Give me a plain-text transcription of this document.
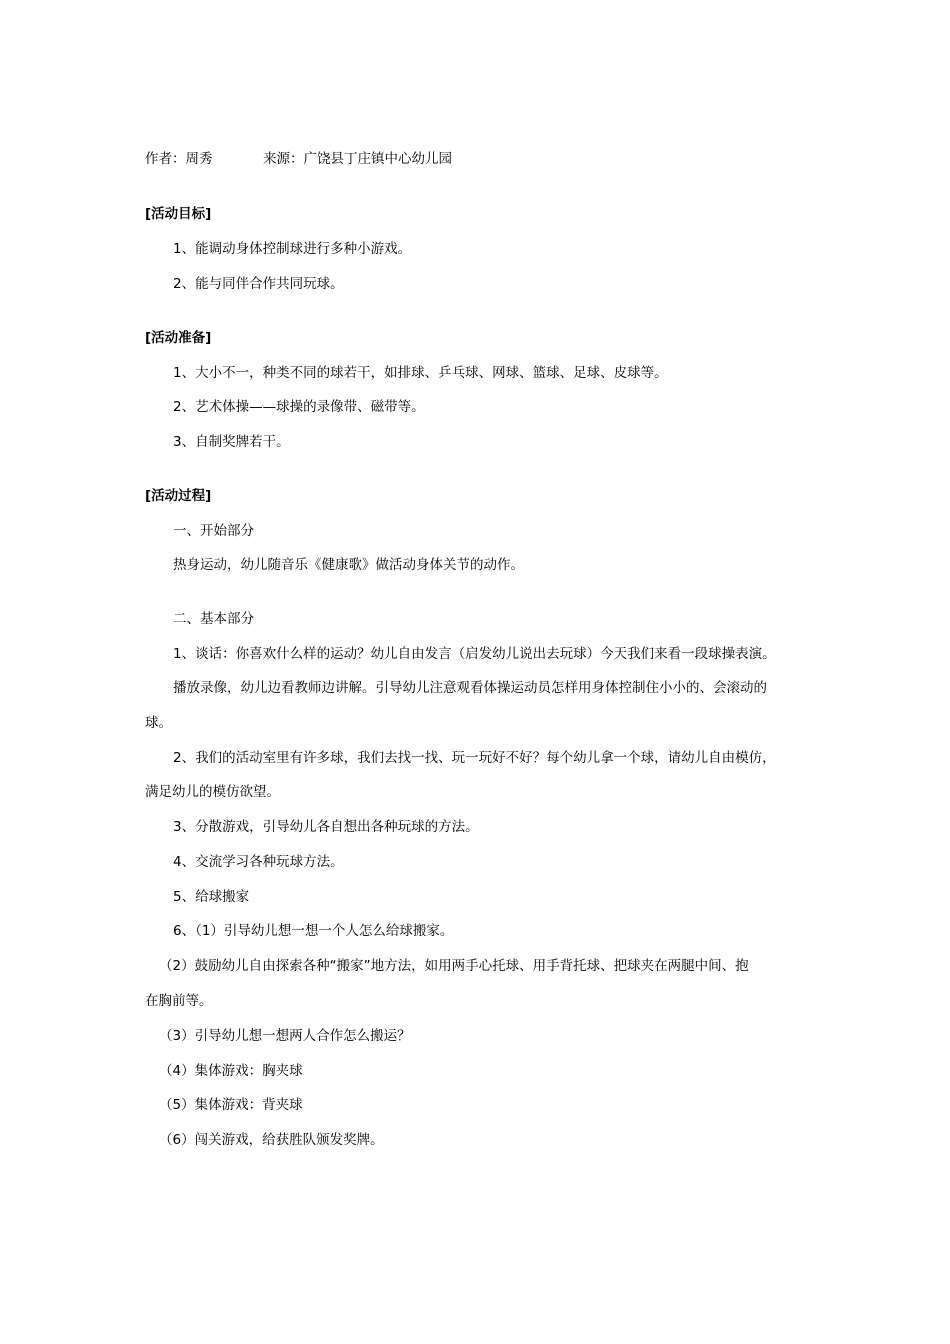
作者：周秀	来源：广饶县丁庄镇中心幼儿园
[活动目标]
1、能调动身体控制球进行多种小游戏。
2、能与同伴合作共同玩球。
[活动准备]
1、大小不一，种类不同的球若干，如排球、乒乓球、网球、篮球、足球、皮球等。
2、艺术体操——球操的录像带、磁带等。
3、自制奖牌若干。
[活动过程]
一、开始部分
热身运动，幼儿随音乐《健康歌》做活动身体关节的动作。
二、基本部分
1、谈话：你喜欢什么样的运动？幼儿自由发言（启发幼儿说出去玩球）今天我们来看一段球操表演。
播放录像，幼儿边看教师边讲解。引导幼儿注意观看体操运动员怎样用身体控制住小小的、会滚动的
球。
2、我们的活动室里有许多球，我们去找一找、玩一玩好不好？每个幼儿拿一个球，请幼儿自由模仿，
满足幼儿的模仿欲望。
3、分散游戏，引导幼儿各自想出各种玩球的方法。
4、交流学习各种玩球方法。
5、给球搬家
6、（1）引导幼儿想一想一个人怎么给球搬家。
（2）鼓励幼儿自由探索各种“搬家”地方法，如用两手心托球、用手背托球、把球夹在两腿中间、抱
在胸前等。
（3）引导幼儿想一想两人合作怎么搬运？
（4）集体游戏：胸夹球
（5）集体游戏：背夹球
（6）闯关游戏，给获胜队颁发奖牌。
